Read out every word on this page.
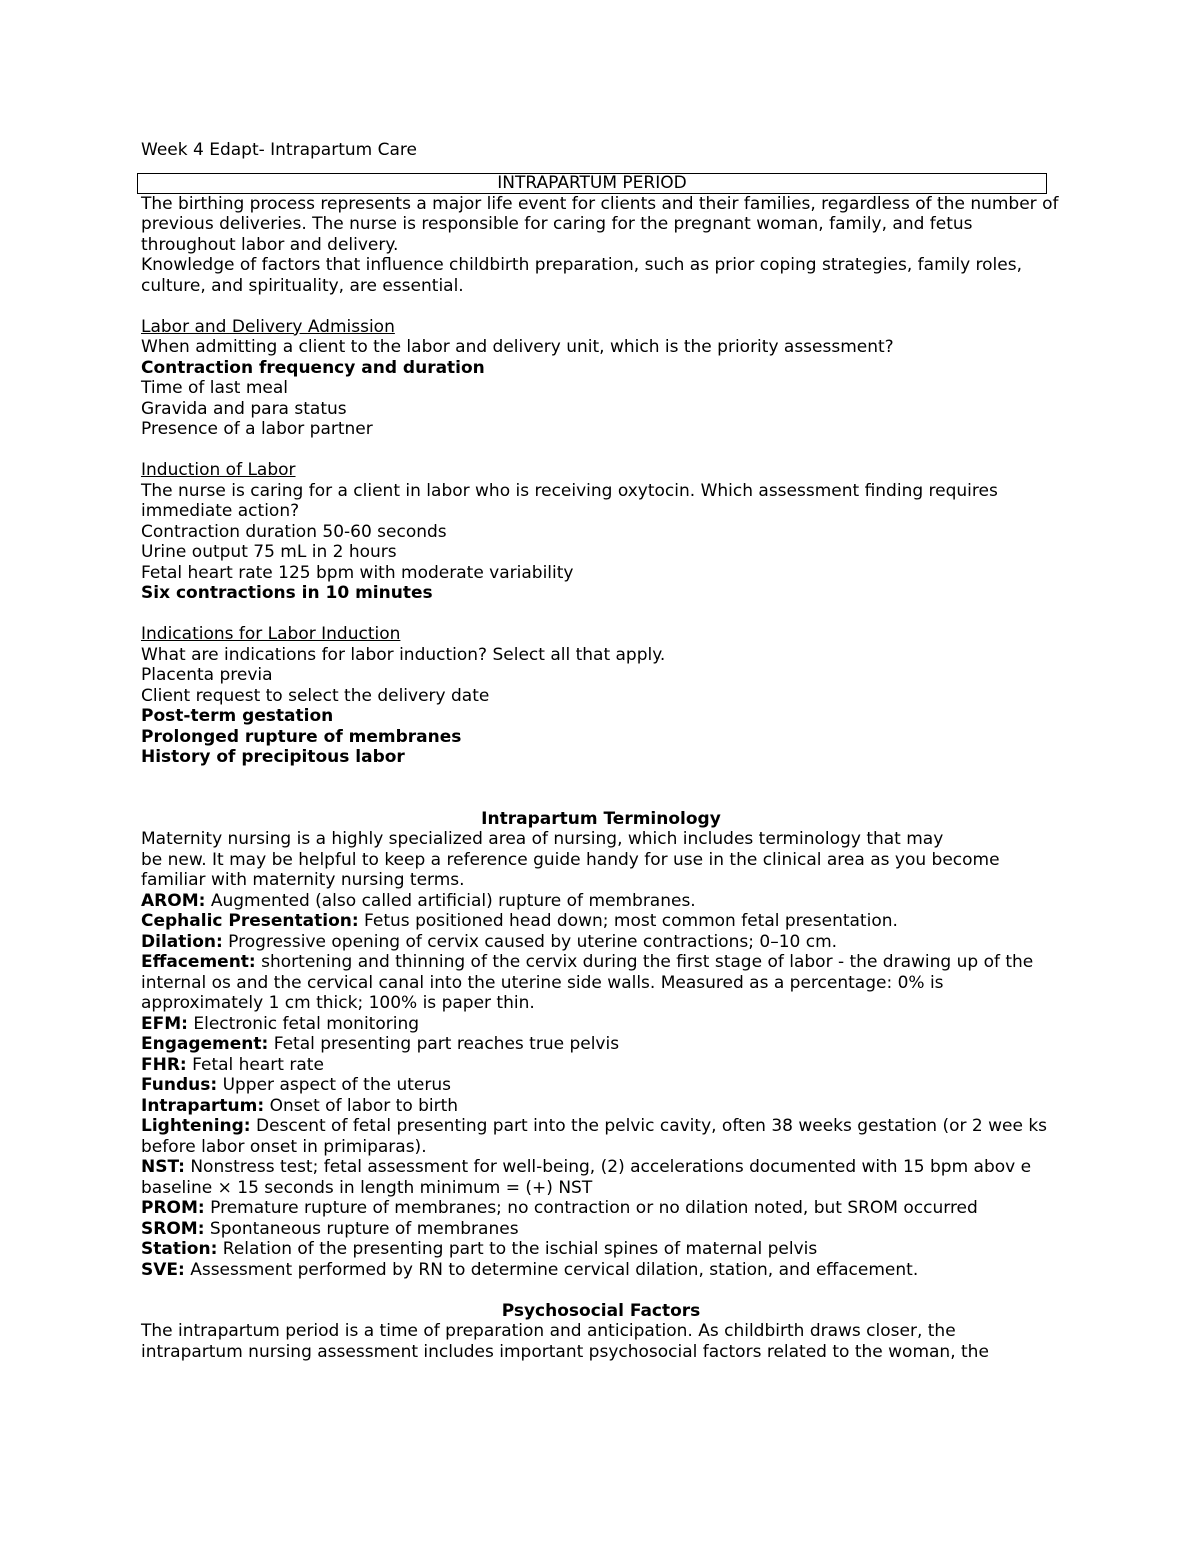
Week 4 Edapt- Intrapartum Care
INTRAPARTUM PERIOD

The birthing process represents a major life event for clients and their families, regardless of the number of previous deliveries. The nurse is responsible for caring for the pregnant woman, family, and fetus throughout labor and delivery.

Knowledge of factors that influence childbirth preparation, such as prior coping strategies, family roles, culture, and spirituality, are essential.

Labor and Delivery Admission
When admitting a client to the labor and delivery unit, which is the priority assessment?
Contraction frequency and duration
Time of last meal
Gravida and para status
Presence of a labor partner
Induction of Labor
The nurse is caring for a client in labor who is receiving oxytocin. Which assessment finding requires immediate action?
Contraction duration 50-60 seconds
Urine output 75 mL in 2 hours
Fetal heart rate 125 bpm with moderate variability
Six contractions in 10 minutes
Indications for Labor Induction
What are indications for labor induction? Select all that apply.
Placenta previa
Client request to select the delivery date
Post-term gestation
Prolonged rupture of membranes
History of precipitous labor
Intrapartum Terminology
Maternity nursing is a highly specialized area of nursing, which includes terminology that may
be new. It may be helpful to keep a reference guide handy for use in the clinical area as you become familiar with maternity nursing terms.
AROM: Augmented (also called artificial) rupture of membranes.
Cephalic Presentation: Fetus positioned head down; most common fetal presentation.
Dilation: Progressive opening of cervix caused by uterine contractions; 0–10 cm.
Effacement: shortening and thinning of the cervix during the first stage of labor - the drawing up of the internal os and the cervical canal into the uterine side walls. Measured as a percentage: 0% is approximately 1 cm thick; 100% is paper thin.
EFM: Electronic fetal monitoring
Engagement: Fetal presenting part reaches true pelvis
FHR: Fetal heart rate
Fundus: Upper aspect of the uterus
Intrapartum: Onset of labor to birth
Lightening: Descent of fetal presenting part into the pelvic cavity, often 38 weeks gestation (or 2 wee ks before labor onset in primiparas).
NST: Nonstress test; fetal assessment for well-being, (2) accelerations documented with 15 bpm abov e baseline × 15 seconds in length minimum = (+) NST
PROM: Premature rupture of membranes; no contraction or no dilation noted, but SROM occurred
SROM: Spontaneous rupture of membranes
Station: Relation of the presenting part to the ischial spines of maternal pelvis
SVE: Assessment performed by RN to determine cervical dilation, station, and effacement.
Psychosocial Factors
The intrapartum period is a time of preparation and anticipation. As childbirth draws closer, the intrapartum nursing assessment includes important psychosocial factors related to the woman, the
